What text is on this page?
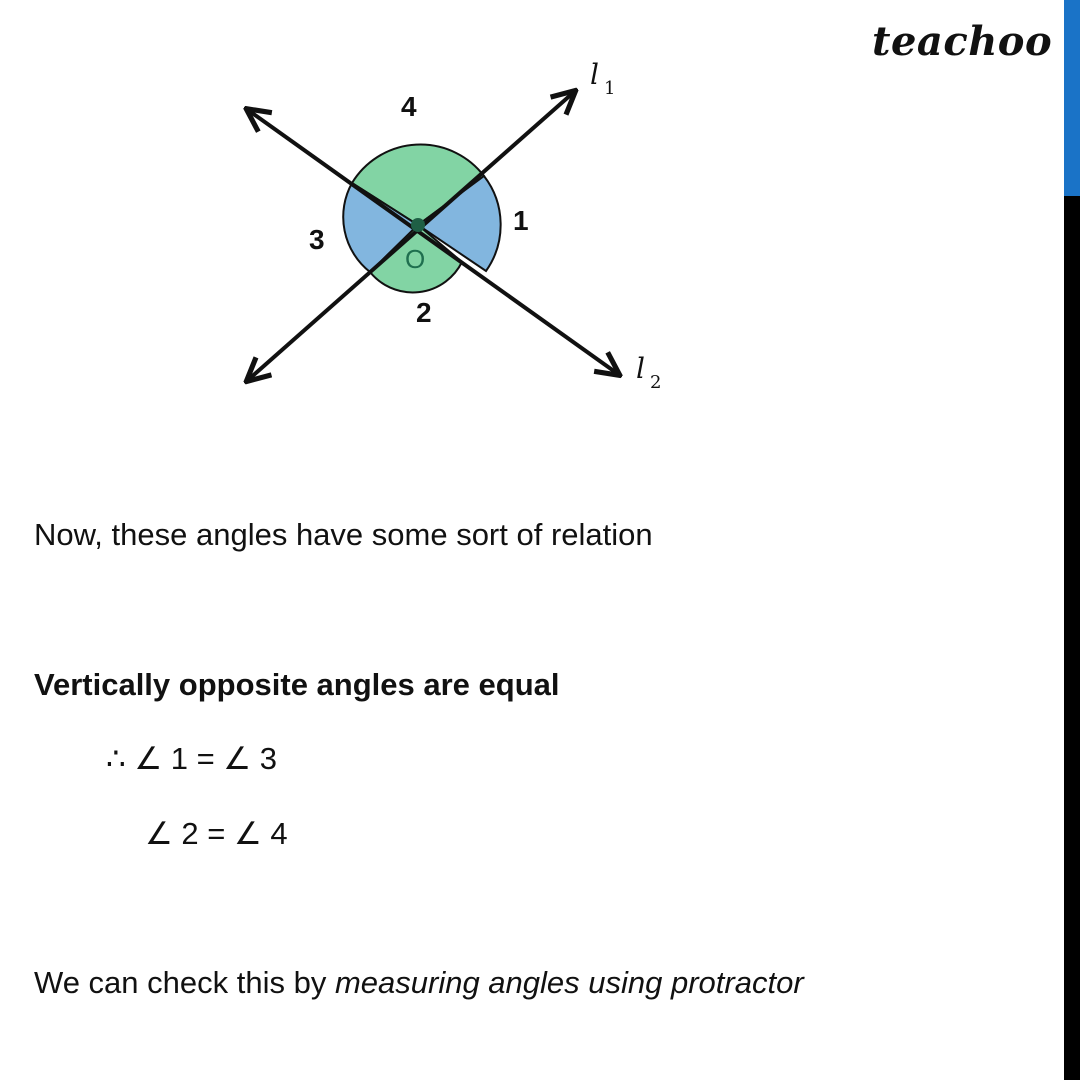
teachoo
4
1
3
2
O
l 1
l 2
Now, these angles have some sort of relation
Vertically opposite angles are equal
∴ ∠ 1 = ∠ 3
∠ 2 = ∠ 4
We can check this by measuring angles using protractor
